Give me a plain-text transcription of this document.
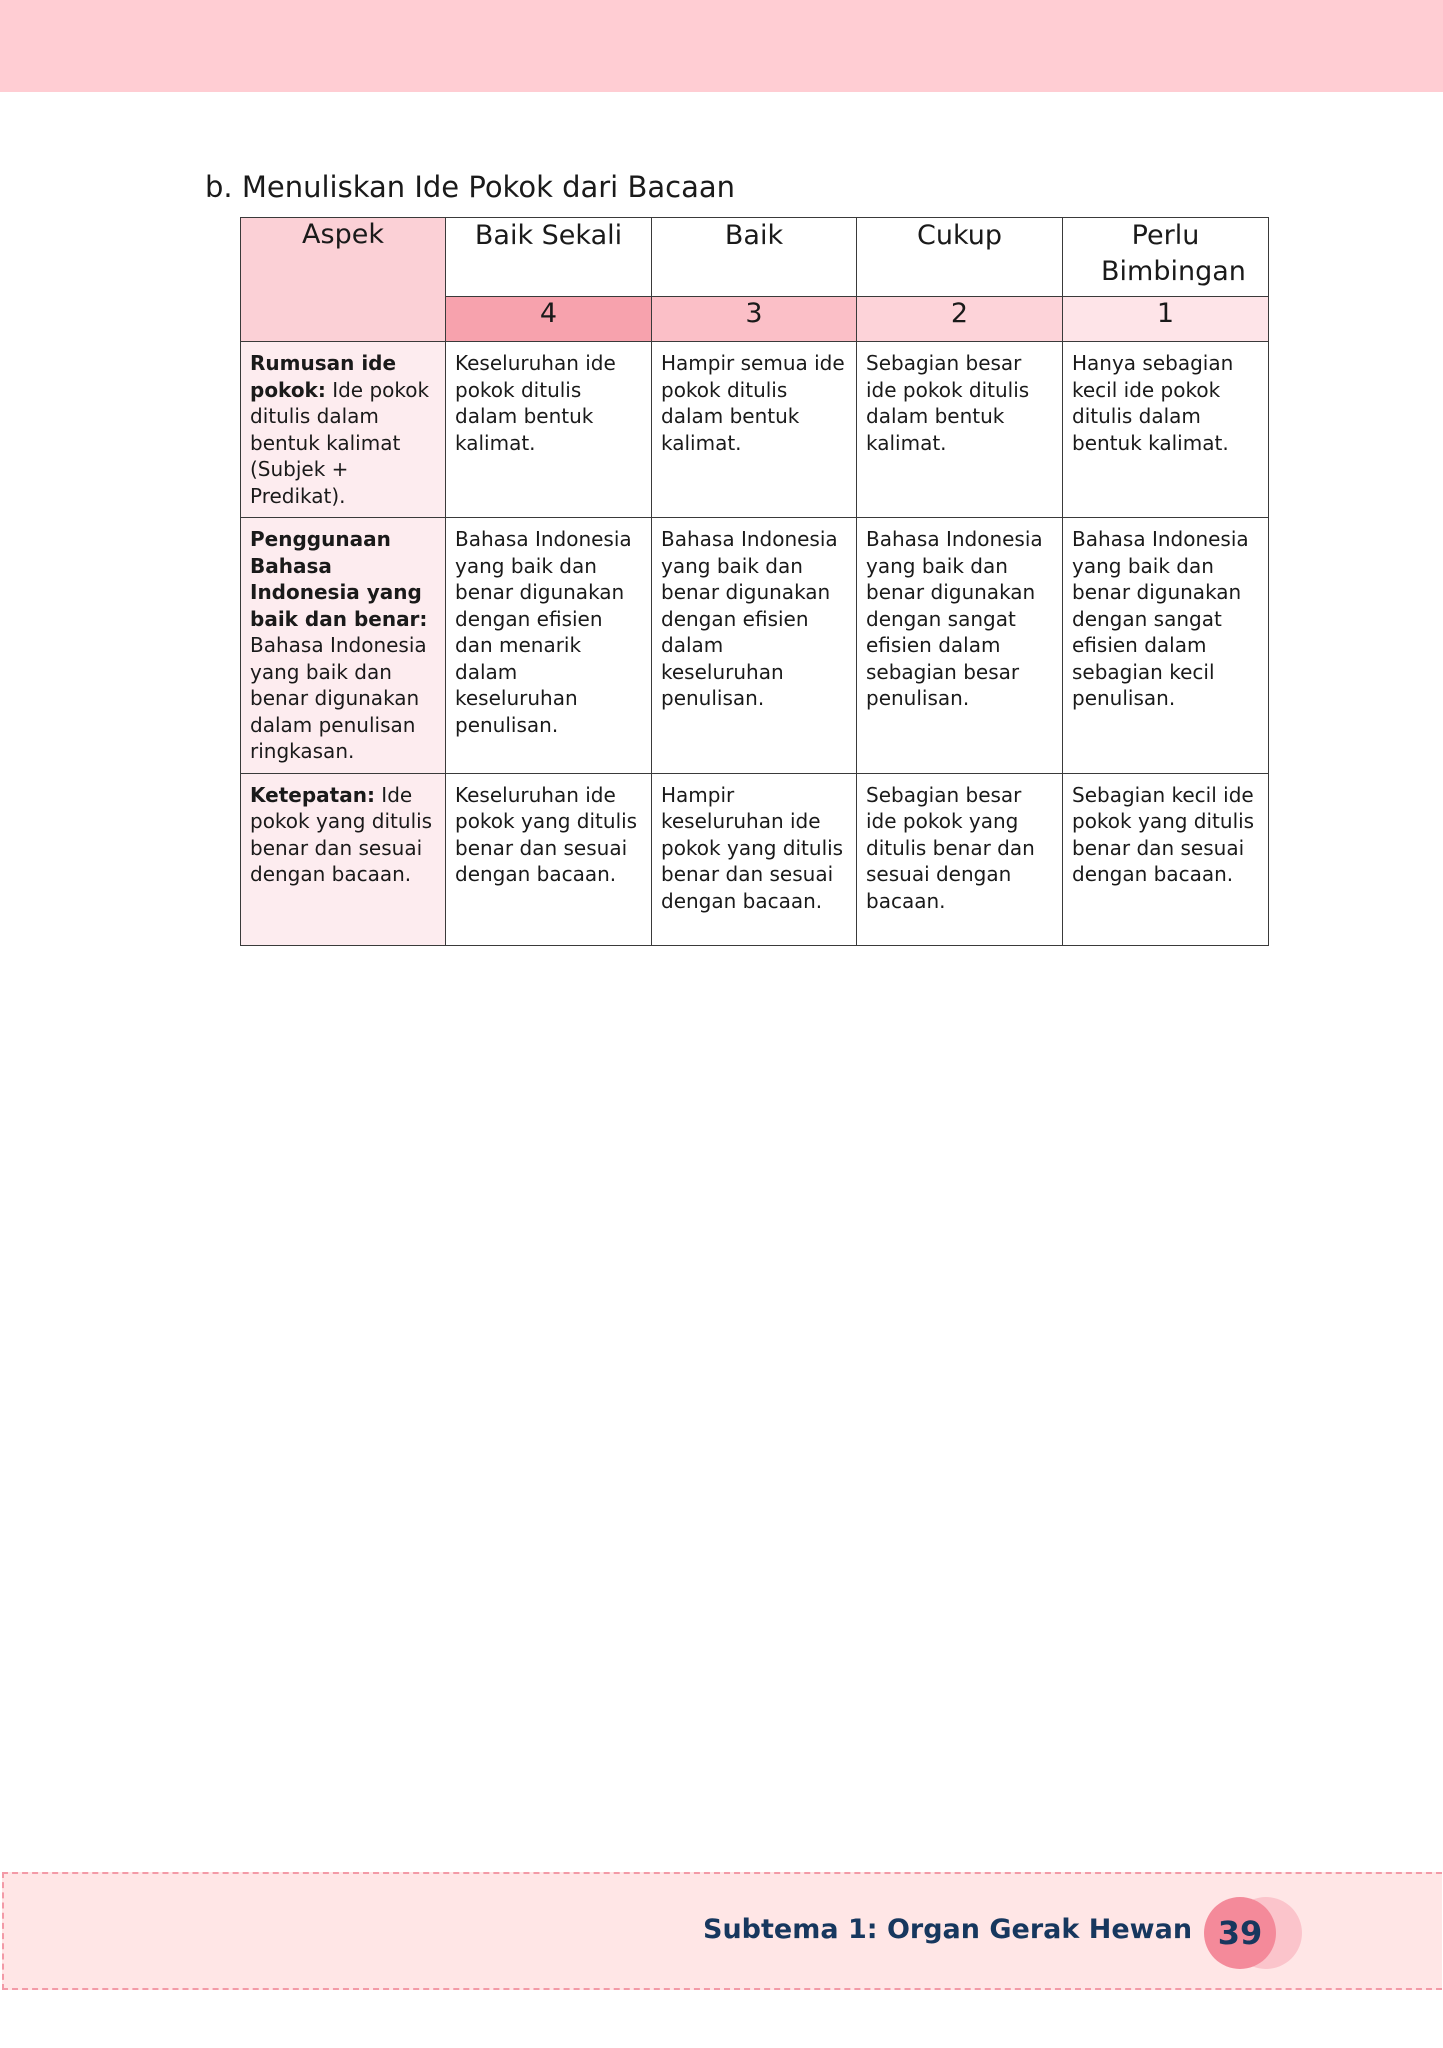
b. Menuliskan Ide Pokok dari Bacaan
Aspek	Baik Sekali	Baik	Cukup	Perlu Bimbingan
	4	3	2	1
Rumusan ide pokok: Ide pokok ditulis dalam bentuk kalimat (Subjek + Predikat).	Keseluruhan ide pokok ditulis dalam bentuk kalimat.	Hampir semua ide pokok ditulis dalam bentuk kalimat.	Sebagian besar ide pokok ditulis dalam bentuk kalimat.	Hanya sebagian kecil ide pokok ditulis dalam bentuk kalimat.
Penggunaan Bahasa Indonesia yang baik dan benar: Bahasa Indonesia yang baik dan benar digunakan dalam penulisan ringkasan.	Bahasa Indonesia yang baik dan benar digunakan dengan efisien dan menarik dalam keseluruhan penulisan.	Bahasa Indonesia yang baik dan benar digunakan dengan efisien dalam keseluruhan penulisan.	Bahasa Indonesia yang baik dan benar digunakan dengan sangat efisien dalam sebagian besar penulisan.	Bahasa Indonesia yang baik dan benar digunakan dengan sangat efisien dalam sebagian kecil penulisan.
Ketepatan: Ide pokok yang ditulis benar dan sesuai dengan bacaan.	Keseluruhan ide pokok yang ditulis benar dan sesuai dengan bacaan.	Hampir keseluruhan ide pokok yang ditulis benar dan sesuai dengan bacaan.	Sebagian besar ide pokok yang ditulis benar dan sesuai dengan bacaan.	Sebagian kecil ide pokok yang ditulis benar dan sesuai dengan bacaan.
Subtema 1: Organ Gerak Hewan 39
